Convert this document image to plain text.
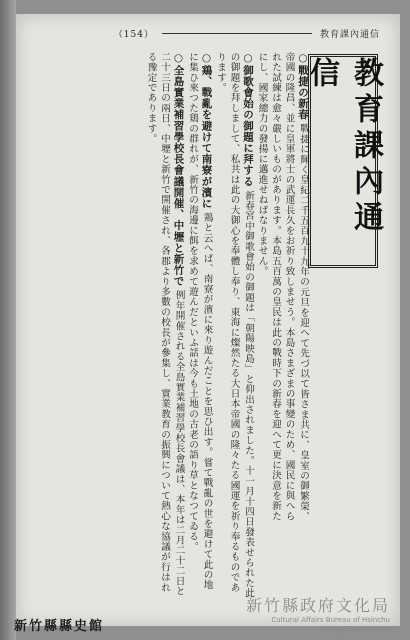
（154）	教育課內通信
教育課內通信
○戰捷の新春 戰捷に輝く皇紀二千五百九十九年の元旦を迎へて先づ以て皆さま共に、皇室の御繁榮、帝國の隆昌、並に皇軍將士の武運長久をお祈り致しませう。本島さまざまの事變のため、國民に與へられた試練は愈々嚴しいものがあります。本島五百萬の皇民は此の戰時下の新春を迎へて更に決意を新たにし、國家總力の發揚に邁進せねばなりません。
○御歌會始の御題に拜する 新春宮中御歌會始の御題は「朝陽映島」と仰出されました。十一月十四日發表せられた此の御題を拜しまして、私共は此の大御心を奉體し奉り、東海に燦然たる大日本帝國の隆々たる國運を祈り奉るものであります。
○鶏、戰亂を避けて南寮が濱に 鶏と云へば、南寮が濱に來り遊んだことを思ひ出す。嘗て戰亂の世を避けて此の地に集ひ來つた鶏の群れが、新竹の海邊に餌を求めて遊んだといふ話は今も土地の古老の語り草となつてゐる。
○全島實業補習學校長會議開催、中壢と新竹で 例年開催される全島實業補習學校長會議は、本年は二月二十二日と二十三日の兩日、中壢と新竹で開催され、各郡より多數の校長が參集し、實業教育の振興について熱心な協議が行はれる豫定であります。
新竹縣縣史館
新竹縣政府文化局
Cultural Affairs Bureau of Hsinchu
County Government
